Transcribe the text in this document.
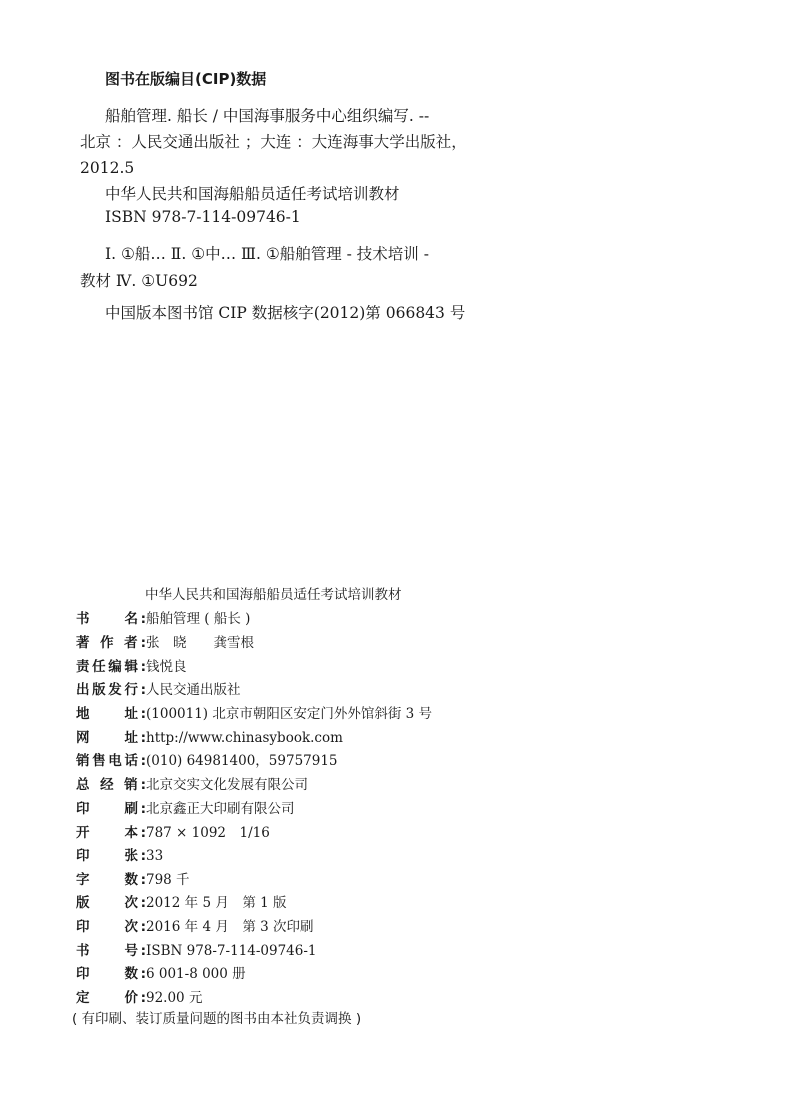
图书在版编目(CIP)数据
船舶管理. 船长 / 中国海事服务中心组织编写. --
北京 ：人民交通出版社 ；大连 ：大连海事大学出版社，
2012.5
中华人民共和国海船船员适任考试培训教材
ISBN 978-7-114-09746-1
Ⅰ. ①船… Ⅱ. ①中… Ⅲ. ①船舶管理 - 技术培训 -
教材 Ⅳ. ①U692
中国版本图书馆 CIP 数据核字(2012)第 066843 号
中华人民共和国海船船员适任考试培训教材
书　　名: 船舶管理 ( 船长 )
著 作 者: 张　晓　　龚雪根
责任编辑: 钱悦良
出版发行: 人民交通出版社
地　　址: (100011) 北京市朝阳区安定门外外馆斜街 3 号
网　　址: http://www.chinasybook.com
销售电话: (010) 64981400，59757915
总 经 销: 北京交实文化发展有限公司
印　　刷: 北京鑫正大印刷有限公司
开　　本: 787 × 1092　1/16
印　　张: 33
字　　数: 798 千
版　　次: 2012 年 5 月　第 1 版
印　　次: 2016 年 4 月　第 3 次印刷
书　　号: ISBN 978-7-114-09746-1
印　　数: 6 001-8 000 册
定　　价: 92.00 元
( 有印刷、装订质量问题的图书由本社负责调换 )
